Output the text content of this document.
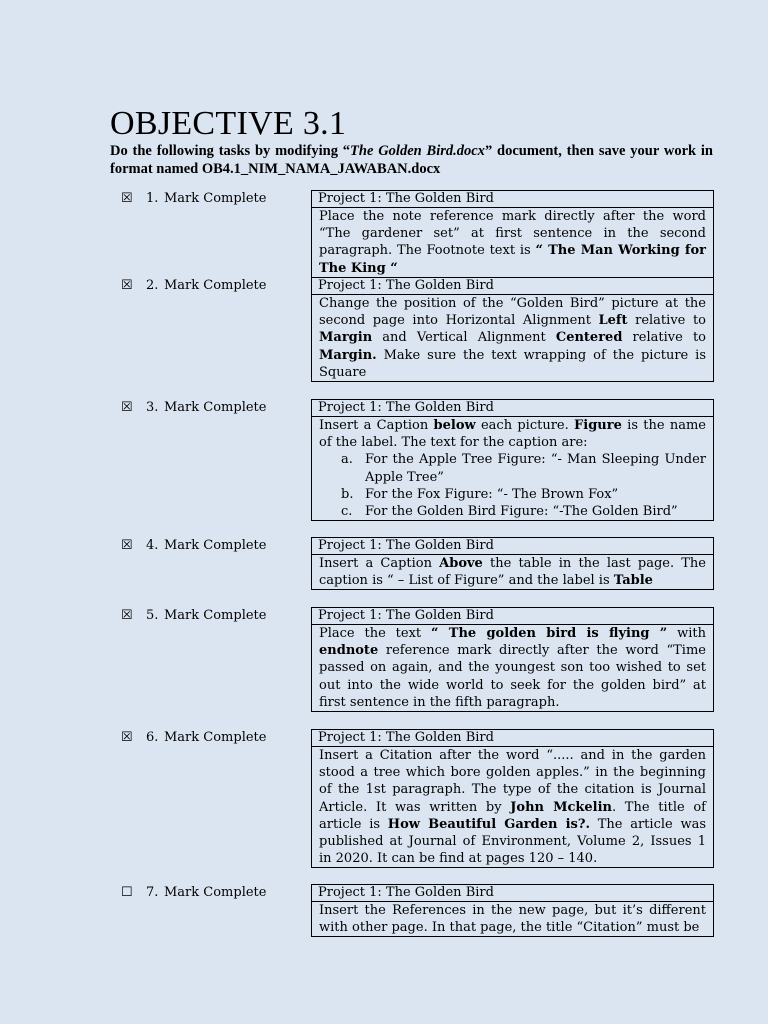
OBJECTIVE 3.1
Do the following tasks by modifying “The Golden Bird.docx” document, then save your work in format named OB4.1_NIM_NAMA_JAWABAN.docx
☒ 1. Mark Complete	Project 1: The Golden Bird
Place the note reference mark directly after the word “The gardener set” at first sentence in the second paragraph. The Footnote text is “ The Man Working for The King “
☒ 2. Mark Complete	Project 1: The Golden Bird
Change the position of the “Golden Bird” picture at the second page into Horizontal Alignment Left relative to Margin and Vertical Alignment Centered relative to Margin. Make sure the text wrapping of the picture is Square
☒ 3. Mark Complete	Project 1: The Golden Bird
Insert a Caption below each picture. Figure is the name of the label. The text for the caption are:
a. For the Apple Tree Figure: “- Man Sleeping Under Apple Tree”
b. For the Fox Figure: “- The Brown Fox”
c. For the Golden Bird Figure: “-The Golden Bird”
☒ 4. Mark Complete	Project 1: The Golden Bird
Insert a Caption Above the table in the last page. The caption is “ – List of Figure” and the label is Table
☒ 5. Mark Complete	Project 1: The Golden Bird
Place the text “ The golden bird is flying ” with endnote reference mark directly after the word “Time passed on again, and the youngest son too wished to set out into the wide world to seek for the golden bird” at first sentence in the fifth paragraph.
☒ 6. Mark Complete	Project 1: The Golden Bird
Insert a Citation after the word “..... and in the garden stood a tree which bore golden apples.” in the beginning of the 1st paragraph. The type of the citation is Journal Article. It was written by John Mckelin. The title of article is How Beautiful Garden is?. The article was published at Journal of Environment, Volume 2, Issues 1 in 2020. It can be find at pages 120 – 140.
☐ 7. Mark Complete	Project 1: The Golden Bird
Insert the References in the new page, but it’s different with other page. In that page, the title “Citation” must be
